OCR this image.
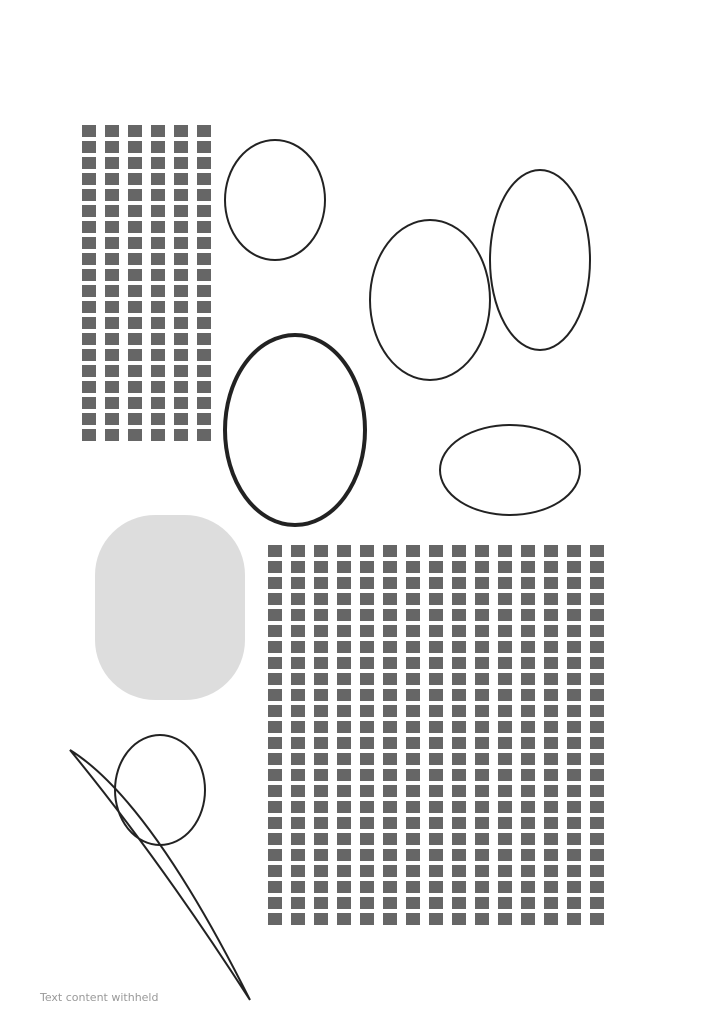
Text content withheld
